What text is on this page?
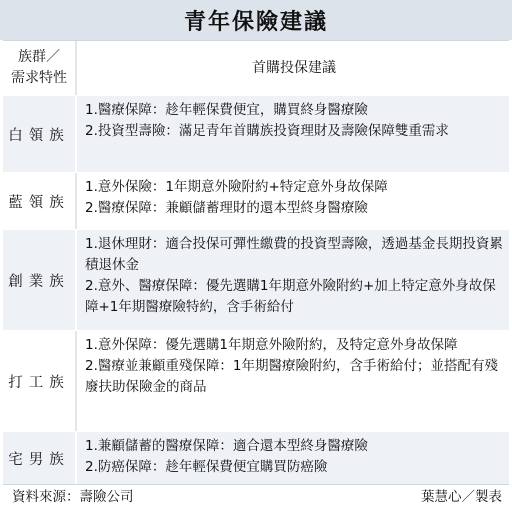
青年保險建議
族群／
需求特性
首購投保建議
白領族
1.醫療保障：趁年輕保費便宜，購買終身醫療險
2.投資型壽險：滿足青年首購族投資理財及壽險保障雙重需求
藍領族
1.意外保險：1年期意外險附約+特定意外身故保障
2.醫療保障：兼顧儲蓄理財的還本型終身醫療險
創業族
1.退休理財：適合投保可彈性繳費的投資型壽險，透過基金長期投資累積退休金
2.意外、醫療保障：優先選購1年期意外險附約+加上特定意外身故保障+1年期醫療險特約，含手術給付
打工族
1.意外保障：優先選購1年期意外險附約，及特定意外身故保障
2.醫療並兼顧重殘保障：1年期醫療險附約，含手術給付；並搭配有殘廢扶助保險金的商品
宅男族
1.兼顧儲蓄的醫療保障：適合還本型終身醫療險
2.防癌保障：趁年輕保費便宜購買防癌險
資料來源：壽險公司	葉慧心／製表
